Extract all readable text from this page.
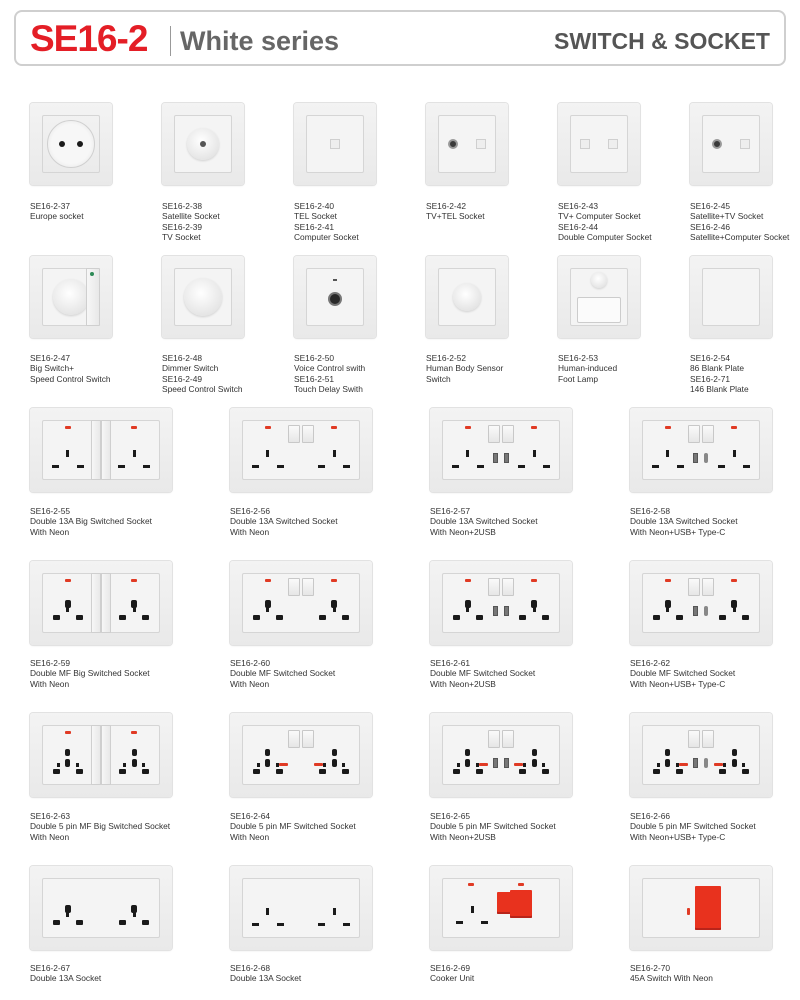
SE16-2 White series	SWITCH & SOCKET
SE16-2-37
Europe socket
SE16-2-38
Satellite Socket
SE16-2-39
TV Socket
SE16-2-40
TEL Socket
SE16-2-41
Computer Socket
SE16-2-42
TV+TEL Socket
SE16-2-43
TV+ Computer Socket
SE16-2-44
Double Computer Socket
SE16-2-45
Satellite+TV Socket
SE16-2-46
Satellite+Computer Socket
SE16-2-47
Big Switch+
Speed Control Switch
SE16-2-48
Dimmer Switch
SE16-2-49
Speed Control Switch
SE16-2-50
Voice Control swith
SE16-2-51
Touch Delay Swith
SE16-2-52
Human Body Sensor
Switch
SE16-2-53
Human-induced
Foot Lamp
SE16-2-54
86 Blank Plate
SE16-2-71
146 Blank Plate
SE16-2-55
Double 13A Big Switched Socket
With Neon
SE16-2-56
Double 13A Switched Socket
With Neon
SE16-2-57
Double 13A Switched Socket
With Neon+2USB
SE16-2-58
Double 13A Switched Socket
With Neon+USB+ Type-C
SE16-2-59
Double MF Big Switched Socket
With Neon
SE16-2-60
Double MF Switched Socket
With Neon
SE16-2-61
Double MF Switched Socket
With Neon+2USB
SE16-2-62
Double MF Switched Socket
With Neon+USB+ Type-C
SE16-2-63
Double 5 pin MF Big Switched Socket
With Neon
SE16-2-64
Double 5 pin MF Switched Socket
With Neon
SE16-2-65
Double 5 pin MF Switched Socket
With Neon+2USB
SE16-2-66
Double 5 pin MF Switched Socket
With Neon+USB+ Type-C
SE16-2-67
Double 13A Socket
SE16-2-68
Double 13A Socket
SE16-2-69
Cooker Unit
SE16-2-70
45A Switch With Neon
